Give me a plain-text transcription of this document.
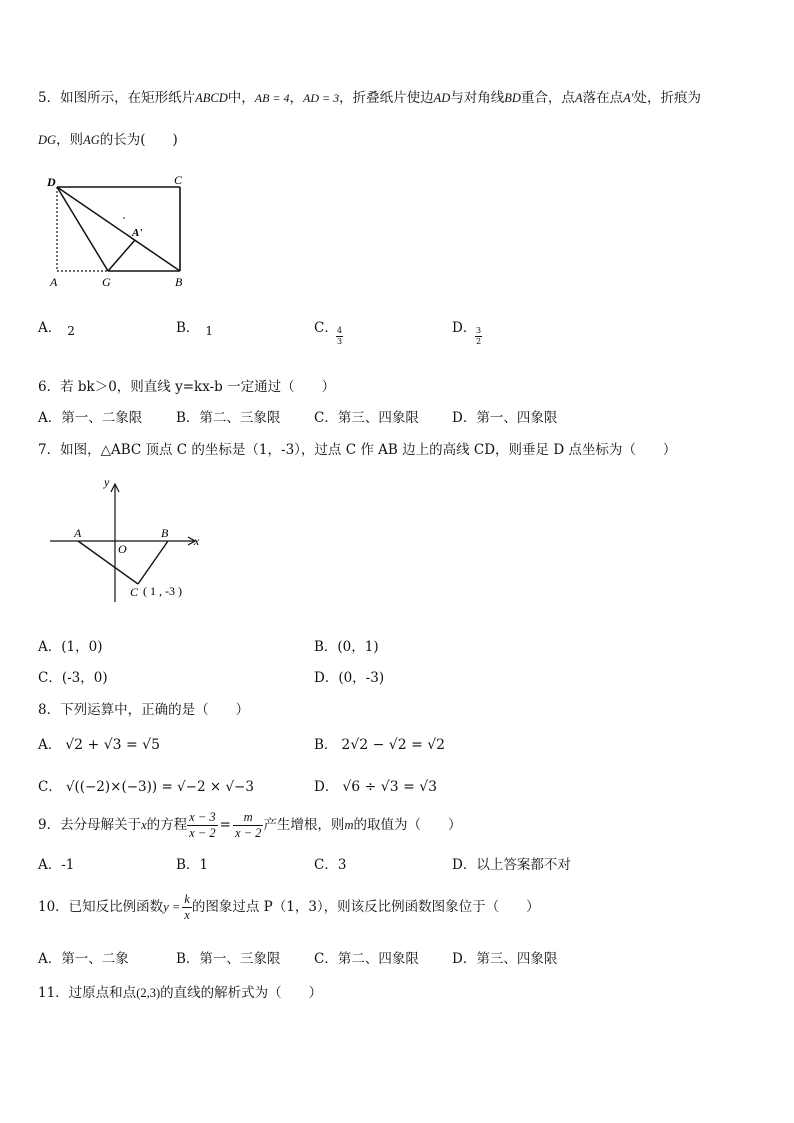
5．如图所示，在矩形纸片ABCD中，AB = 4，AD = 3，折叠纸片使边AD与对角线BD重合，点A落在点A′处，折痕为
DG，则AG的长为(　　)
D	C
A	G	B
A'
A． 2	B． 1	C．
$\frac{4}{3}$	D．
$\frac{3}{2}$
6．若 bk＞0，则直线 y=kx-b 一定通过（　　）
A．第一、二象限	B．第二、三象限 C．第三、四象限 D．第一、四象限
7．如图，△ABC 顶点 C 的坐标是（1，-3），过点 C 作 AB 边上的高线 CD，则垂足 D 点坐标为（　　）
y
x
A	B
O
C ( 1 , -3 )
A．(1，0)	B．(0，1)
C．(-3，0)	D．(0，-3)
8．下列运算中，正确的是（　　）
A． √2 + √3 = √5	B． 2√2 − √2 = √2
C． √((−2)×(−3)) = √−2 × √−3	D． √6 ÷ √3 = √3
9．去分母解关于x的方程 $\frac{x - 3}{x - 2} = \frac{m}{x - 2}$ 产生增根，则m的取值为（　　）
A．-1	B．1	C．3	D．以上答案都不对
10．已知反比例函数$y = \frac{k}{x}$ 的图象过点 P（1，3），则该反比例函数图象位于（　　）
A．第一、二象	B．第一、三象限 C．第二、四象限 D．第三、四象限
11．过原点和点(2,3)的直线的解析式为（　　）
